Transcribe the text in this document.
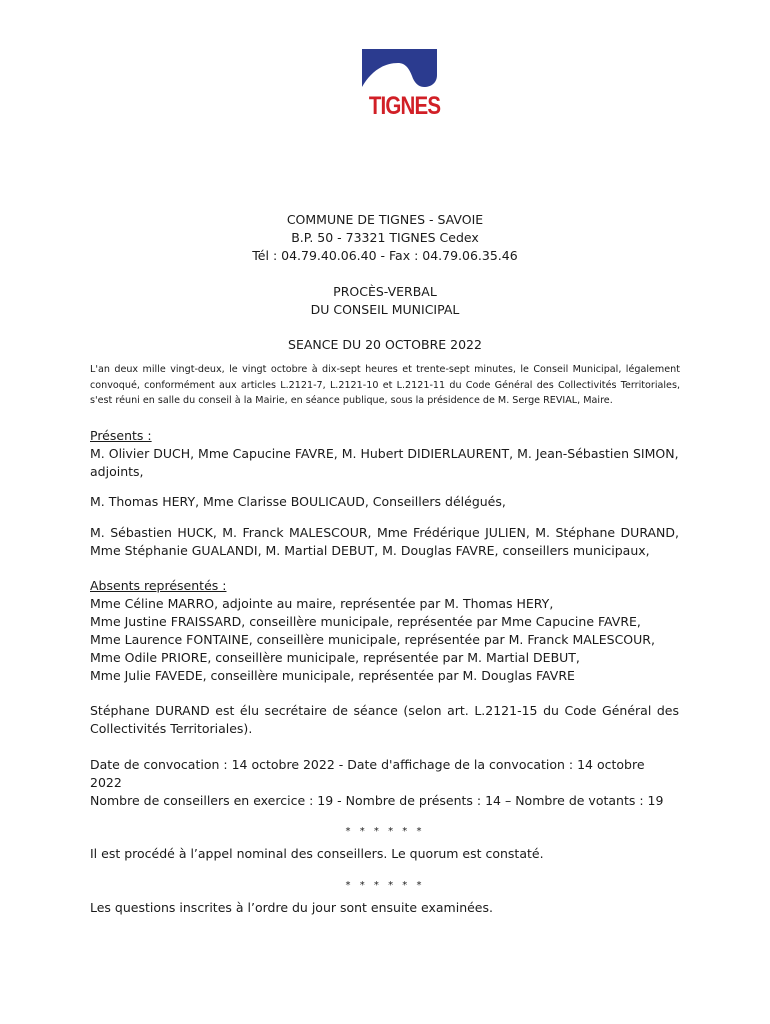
TIGNES

COMMUNE DE TIGNES - SAVOIE

B.P. 50 - 73321 TIGNES Cedex

Tél : 04.79.40.06.40 - Fax : 04.79.06.35.46

PROCÈS-VERBAL

DU CONSEIL MUNICIPAL

SEANCE DU 20 OCTOBRE 2022

L'an deux mille vingt-deux, le vingt octobre à dix-sept heures et trente-sept minutes, le Conseil Municipal, légalement convoqué, conformément aux articles L.2121-7, L.2121-10 et L.2121-11 du Code Général des Collectivités Territoriales, s'est réuni en salle du conseil à la Mairie, en séance publique, sous la présidence de M. Serge REVIAL, Maire.

Présents :

M. Olivier DUCH, Mme Capucine FAVRE, M. Hubert DIDIERLAURENT, M. Jean-Sébastien SIMON, adjoints,

M. Thomas HERY, Mme Clarisse BOULICAUD, Conseillers délégués,

M. Sébastien HUCK, M. Franck MALESCOUR, Mme Frédérique JULIEN, M. Stéphane DURAND, Mme Stéphanie GUALANDI, M. Martial DEBUT, M. Douglas FAVRE, conseillers municipaux,

Absents représentés :

Mme Céline MARRO, adjointe au maire, représentée par M. Thomas HERY,

Mme Justine FRAISSARD, conseillère municipale, représentée par Mme Capucine FAVRE,

Mme Laurence FONTAINE, conseillère municipale, représentée par M. Franck MALESCOUR,

Mme Odile PRIORE, conseillère municipale, représentée par M. Martial DEBUT,

Mme Julie FAVEDE, conseillère municipale, représentée par M. Douglas FAVRE

Stéphane DURAND est élu secrétaire de séance (selon art. L.2121-15 du Code Général des Collectivités Territoriales).

Date de convocation : 14 octobre 2022 - Date d'affichage de la convocation : 14 octobre 2022

Nombre de conseillers en exercice : 19 - Nombre de présents : 14 – Nombre de votants : 19

* * * * * *

Il est procédé à l’appel nominal des conseillers. Le quorum est constaté.

* * * * * *

Les questions inscrites à l’ordre du jour sont ensuite examinées.
